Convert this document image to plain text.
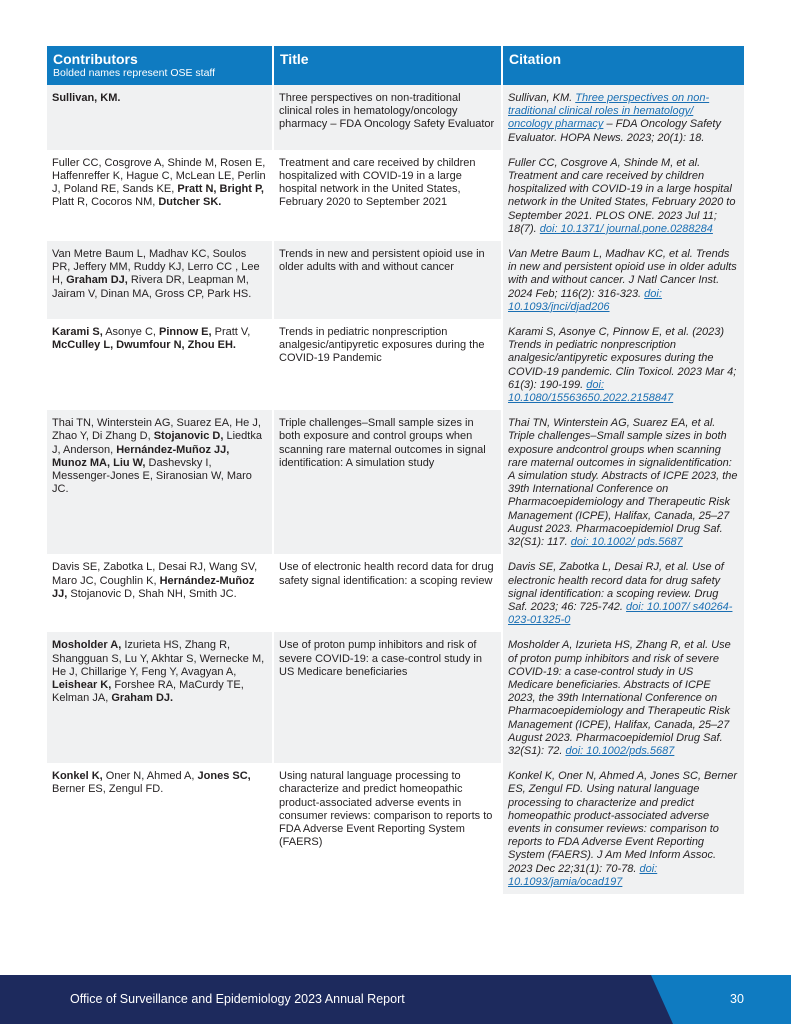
Contributors
Bolded names represent OSE staff	Title	Citation
Sullivan, KM.	Three perspectives on non-traditional clinical roles in hematology/oncology pharmacy – FDA Oncology Safety Evaluator	Sullivan, KM. Three perspectives on non-traditional clinical roles in hematology/ oncology pharmacy – FDA Oncology Safety Evaluator. HOPA News. 2023; 20(1): 18.
Fuller CC, Cosgrove A, Shinde M, Rosen E, Haffenreffer K, Hague C, McLean LE, Perlin J, Poland RE, Sands KE, Pratt N, Bright P, Platt R, Cocoros NM, Dutcher SK.	Treatment and care received by children hospitalized with COVID-19 in a large hospital network in the United States, February 2020 to September 2021	Fuller CC, Cosgrove A, Shinde M, et al. Treatment and care received by children hospitalized with COVID-19 in a large hospital network in the United States, February 2020 to September 2021. PLOS ONE. 2023 Jul 11; 18(7). doi: 10.1371/ journal.pone.0288284
Van Metre Baum L, Madhav KC, Soulos PR, Jeffery MM, Ruddy KJ, Lerro CC , Lee H, Graham DJ, Rivera DR, Leapman M, Jairam V, Dinan MA, Gross CP, Park HS.	Trends in new and persistent opioid use in older adults with and without cancer	Van Metre Baum L, Madhav KC, et al. Trends in new and persistent opioid use in older adults with and without cancer. J Natl Cancer Inst. 2024 Feb; 116(2): 316-323. doi: 10.1093/jnci/djad206
Karami S, Asonye C, Pinnow E, Pratt V, McCulley L, Dwumfour N, Zhou EH.	Trends in pediatric nonprescription analgesic/antipyretic exposures during the COVID-19 Pandemic	Karami S, Asonye C, Pinnow E, et al. (2023) Trends in pediatric nonprescription analgesic/antipyretic exposures during the COVID-19 pandemic. Clin Toxicol. 2023 Mar 4; 61(3): 190-199. doi: 10.1080/15563650.2022.2158847
Thai TN, Winterstein AG, Suarez EA, He J, Zhao Y, Di Zhang D, Stojanovic D, Liedtka J, Anderson, Hernández-Muñoz JJ, Munoz MA, Liu W, Dashevsky I, Messenger-Jones E, Siranosian W, Maro JC.	Triple challenges–Small sample sizes in both exposure and control groups when scanning rare maternal outcomes in signal identification: A simulation study	Thai TN, Winterstein AG, Suarez EA, et al. Triple challenges–Small sample sizes in both exposure andcontrol groups when scanning rare maternal outcomes in signalidentification: A simulation study. Abstracts of ICPE 2023, the 39th International Conference on Pharmacoepidemiology and Therapeutic Risk Management (ICPE), Halifax, Canada, 25–27 August 2023. Pharmacoepidemiol Drug Saf. 32(S1): 117. doi: 10.1002/ pds.5687
Davis SE, Zabotka L, Desai RJ, Wang SV, Maro JC, Coughlin K, Hernández-Muñoz JJ, Stojanovic D, Shah NH, Smith JC.	Use of electronic health record data for drug safety signal identification: a scoping review	Davis SE, Zabotka L, Desai RJ, et al. Use of electronic health record data for drug safety signal identification: a scoping review. Drug Saf. 2023; 46: 725-742. doi: 10.1007/ s40264-023-01325-0
Mosholder A, Izurieta HS, Zhang R, Shangguan S, Lu Y, Akhtar S, Wernecke M, He J, Chillarige Y, Feng Y, Avagyan A, Leishear K, Forshee RA, MaCurdy TE, Kelman JA, Graham DJ.	Use of proton pump inhibitors and risk of severe COVID-19: a case-control study in US Medicare beneficiaries	Mosholder A, Izurieta HS, Zhang R, et al. Use of proton pump inhibitors and risk of severe COVID-19: a case-control study in US Medicare beneficiaries. Abstracts of ICPE 2023, the 39th International Conference on Pharmacoepidemiology and Therapeutic Risk Management (ICPE), Halifax, Canada, 25–27 August 2023. Pharmacoepidemiol Drug Saf. 32(S1): 72. doi: 10.1002/pds.5687
Konkel K, Oner N, Ahmed A, Jones SC, Berner ES, Zengul FD.	Using natural language processing to characterize and predict homeopathic product-associated adverse events in consumer reviews: comparison to reports to FDA Adverse Event Reporting System (FAERS)	Konkel K, Oner N, Ahmed A, Jones SC, Berner ES, Zengul FD. Using natural language processing to characterize and predict homeopathic product-associated adverse events in consumer reviews: comparison to reports to FDA Adverse Event Reporting System (FAERS). J Am Med Inform Assoc. 2023 Dec 22;31(1): 70-78. doi: 10.1093/jamia/ocad197
Office of Surveillance and Epidemiology 2023 Annual Report	30
